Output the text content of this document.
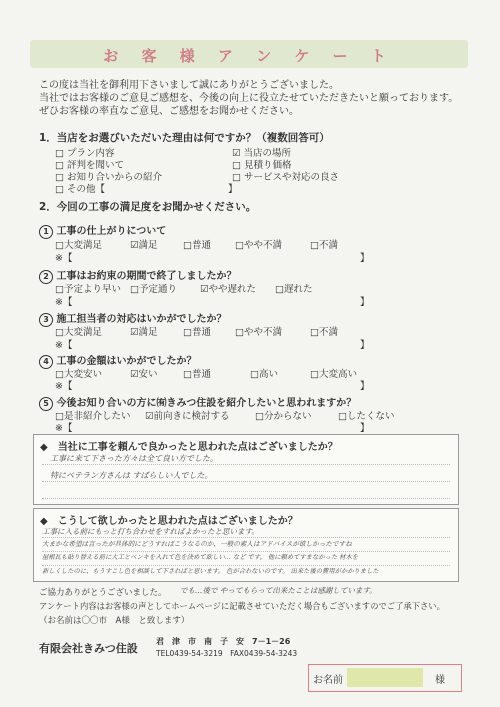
お 客 様 ア ン ケ ー ト
この度は当社を御利用下さいまして誠にありがとうございました。
当社ではお客様のご意見ご感想を、今後の向上に役立たせていただきたいと願っております。
ぜひお客様の率直なご意見、ご感想をお聞かせください。
1．当店をお選びいただいた理由は何ですか？（複数回答可）
□ プラン内容	☑ 当店の場所
□ 評判を聞いて	□ 見積り価格
□ お知り合いからの紹介	□ サービスや対応の良さ
□ その他【	】
2．今回の工事の満足度をお聞かせください。
1 工事の仕上がりについて
□大変満足	☑満足	□普通	□やや不満	□不満
※【	】
2 工事はお約束の期間で終了しましたか？
□予定より早い □予定通り ☑やや遅れた □遅れた
※【	】
3 施工担当者の対応はいかがでしたか？
□大変満足	☑満足	□普通	□やや不満	□不満
※【	】
4 工事の金額はいかがでしたか？
□大変安い	☑安い	□普通	□高い	□大変高い
※【	】
5 今後お知り合いの方に㈲きみつ住設を紹介したいと思われますか？
□是非紹介したい ☑前向きに検討する	□分からない	□したくない
※【	】
◆　当社に工事を頼んで良かったと思われた点はございましたか？
工事に来て下さった方々は全て良い方でした。
特にベテラン方さんは すばらしい人でした。
◆　こうして欲しかったと思われた点はございましたか？
工事に入る前にもっと打ち合わせをすればよかったと思います。
大まかな希望は言ったが具体的にどうすればこうなるのか、一般の素人はアドバイスが欲しかったですね
屋根瓦も貼り替える前に大工とペンキを入れて色を決めて欲しい… など です。 他に頼めてすまなかった 材木を
新しくしたのに、もうすこし色を相談して下さればと思います。 色が合わないのです。 出来た後の費用がかかりました
ご協力ありがとうございました。 でも…後で やってもらって出来たことは感謝しています。
アンケート内容はお客様の声としてホームページに記載させていただく場合もございますのでご了承下さい。
（お名前は〇〇市　A様　と致します）
有限会社きみつ住設
君　津　市　南　子　安　7－1－26
TEL0439-54-3219　FAX0439-54-3243
お名前	様
